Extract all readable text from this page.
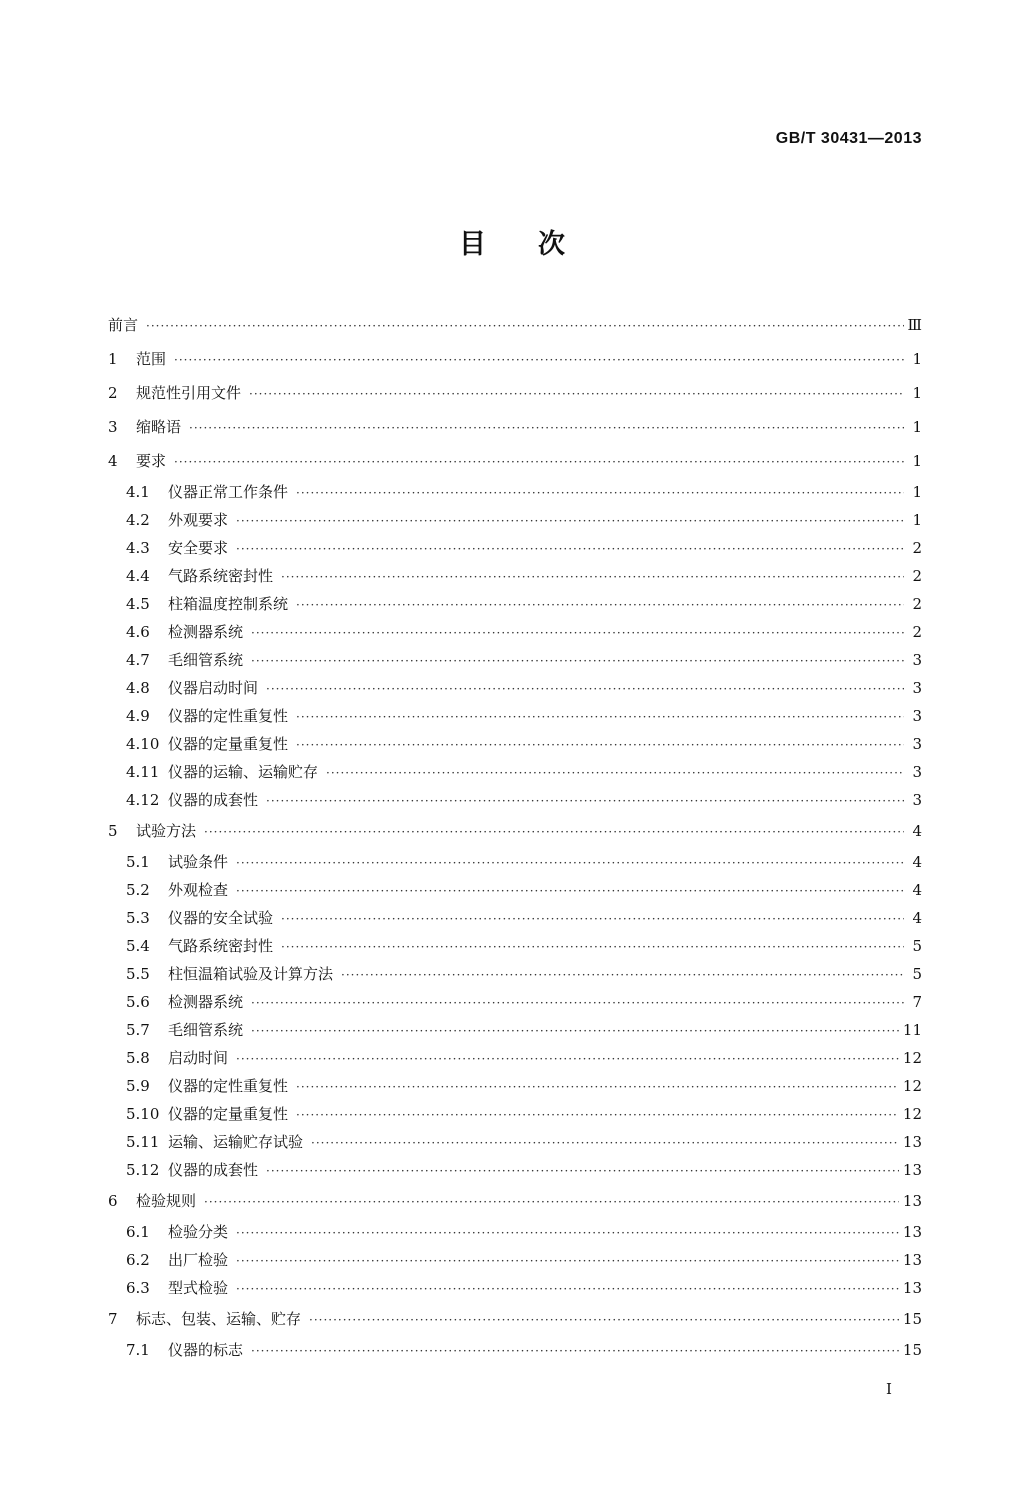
GB/T 30431—2013
目次
前言 ·····	Ⅲ
1	范围 ·····	1
2	规范性引用文件 ·····	1
3	缩略语 ·····	1
4	要求 ·····	1
4.1	仪器正常工作条件 ·····	1
4.2	外观要求 ·····	1
4.3	安全要求 ·····	2
4.4	气路系统密封性 ·····	2
4.5	柱箱温度控制系统 ·····	2
4.6	检测器系统 ·····	2
4.7	毛细管系统 ·····	3
4.8	仪器启动时间 ·····	3
4.9	仪器的定性重复性 ·····	3
4.10 仪器的定量重复性 ·····	3
4.11 仪器的运输、运输贮存 ·····	3
4.12 仪器的成套性 ·····	3
5	试验方法 ·····	4
5.1	试验条件 ·····	4
5.2	外观检查 ·····	4
5.3	仪器的安全试验 ·····	4
5.4	气路系统密封性 ·····	5
5.5	柱恒温箱试验及计算方法 ·····	5
5.6	检测器系统 ·····	7
5.7	毛细管系统 ·····	11
5.8	启动时间 ·····	12
5.9	仪器的定性重复性 ·····	12
5.10 仪器的定量重复性 ·····	12
5.11 运输、运输贮存试验 ·····	13
5.12 仪器的成套性 ·····	13
6	检验规则 ·····	13
6.1	检验分类 ·····	13
6.2	出厂检验 ·····	13
6.3	型式检验 ·····	13
7	标志、包装、运输、贮存 ·····	15
7.1	仪器的标志 ·····	15
I
